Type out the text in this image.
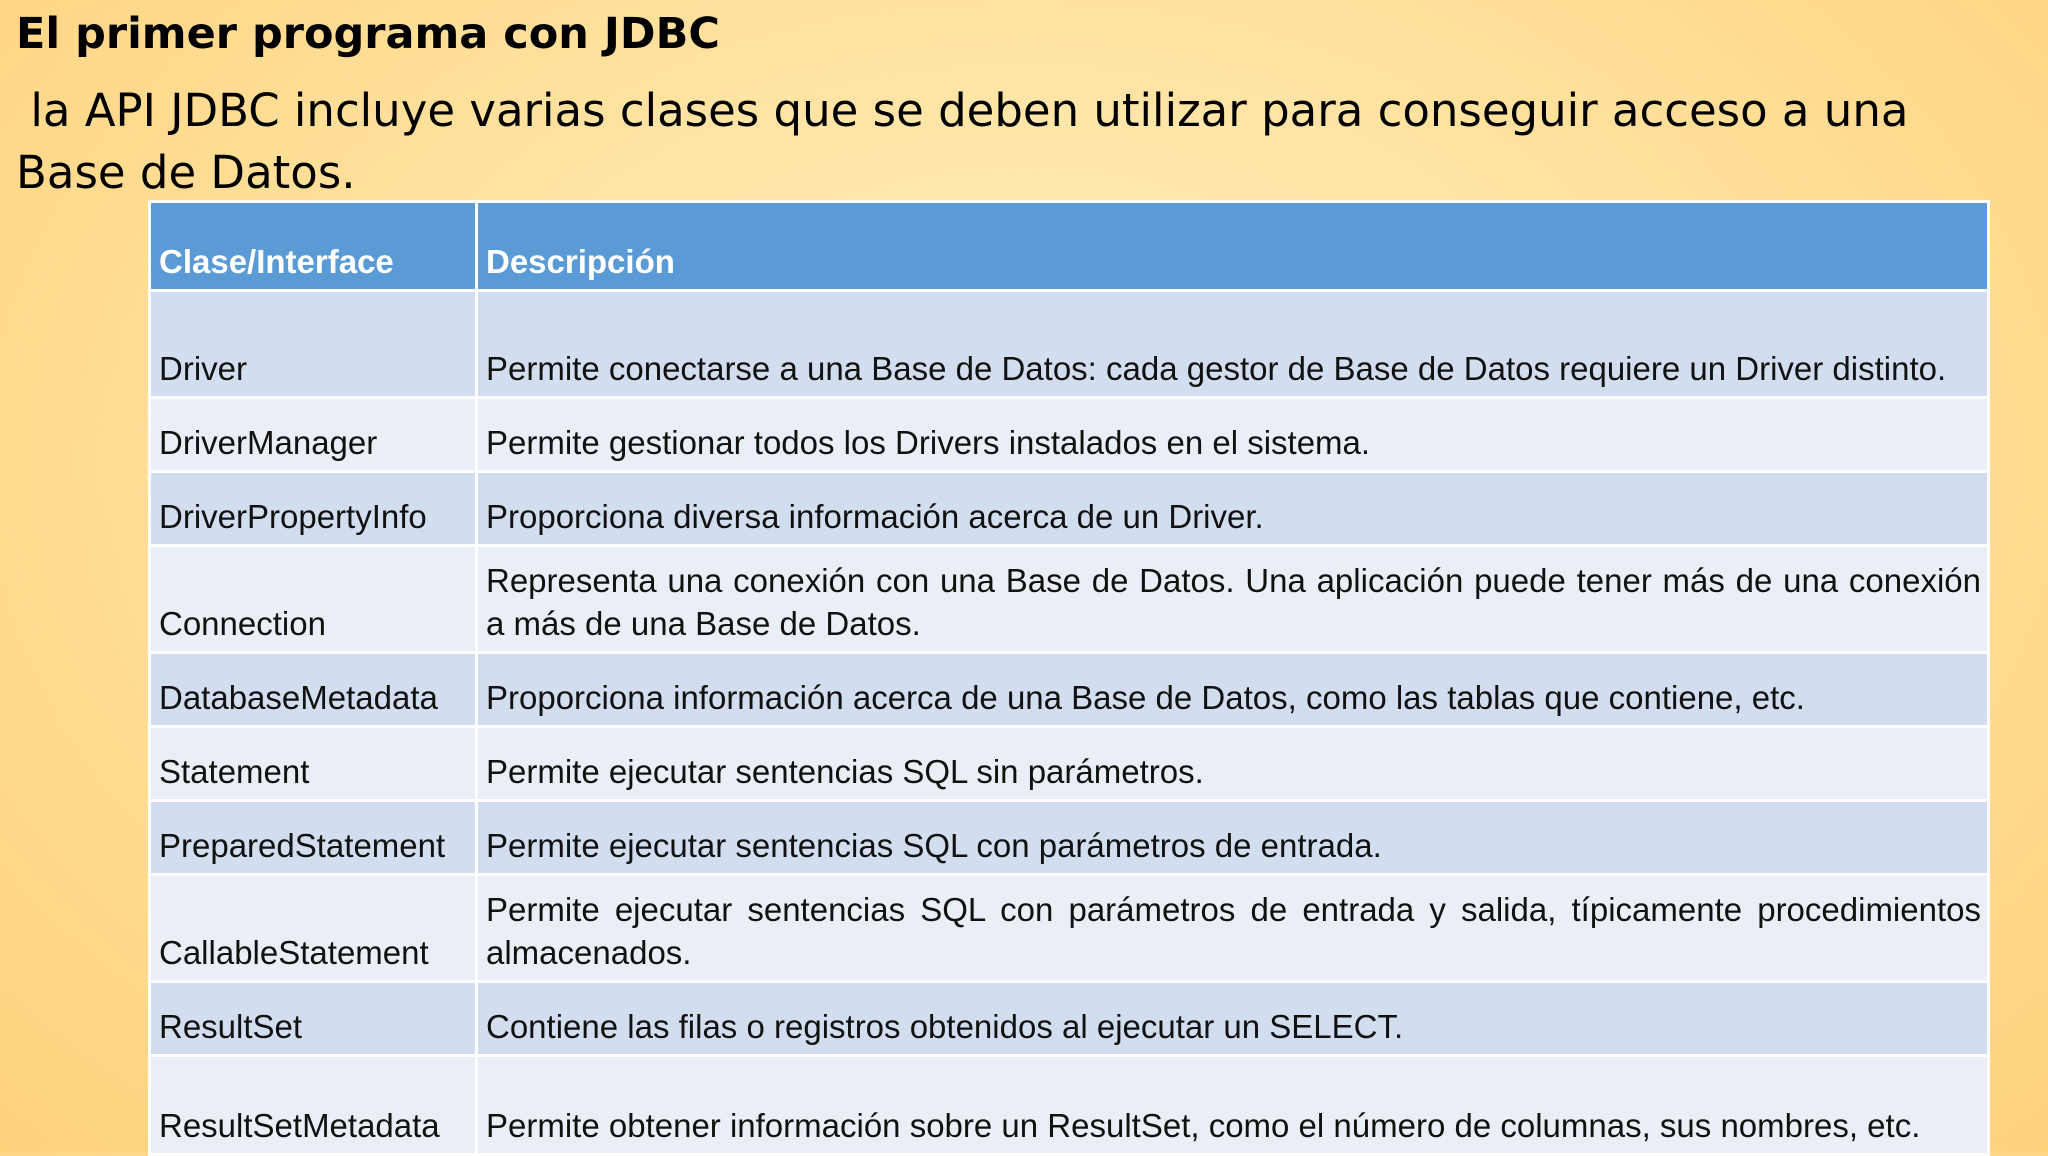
El primer programa con JDBC

la API JDBC incluye varias clases que se deben utilizar para conseguir acceso a una Base de Datos.

Clase/Interface	Descripción
Driver	Permite conectarse a una Base de Datos: cada gestor de Base de Datos requiere un Driver distinto.
DriverManager	Permite gestionar todos los Drivers instalados en el sistema.
DriverPropertyInfo	Proporciona diversa información acerca de un Driver.
Connection	Representa una conexión con una Base de Datos. Una aplicación puede tener más de una conexión a más de una Base de Datos.
DatabaseMetadata	Proporciona información acerca de una Base de Datos, como las tablas que contiene, etc.
Statement	Permite ejecutar sentencias SQL sin parámetros.
PreparedStatement	Permite ejecutar sentencias SQL con parámetros de entrada.
CallableStatement	Permite ejecutar sentencias SQL con parámetros de entrada y salida, típicamente procedimientos almacenados.
ResultSet	Contiene las filas o registros obtenidos al ejecutar un SELECT.
ResultSetMetadata	Permite obtener información sobre un ResultSet, como el número de columnas, sus nombres, etc.
